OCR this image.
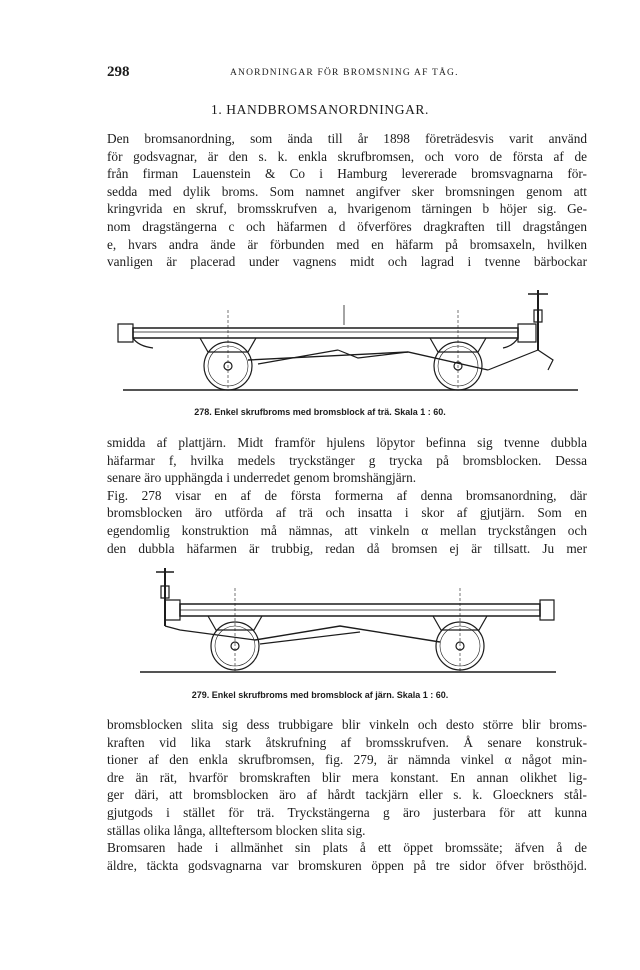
298	ANORDNINGAR FÖR BROMSNING AF TÅG.
1. HANDBROMSANORDNINGAR.
Den bromsanordning, som ända till år 1898 företrädesvis varit använd
för godsvagnar, är den s. k. enkla skrufbromsen, och voro de första af de
från firman Lauenstein & Co i Hamburg levererade bromsvagnarna för-
sedda med dylik broms. Som namnet angifver sker bromsningen genom att
kringvrida en skruf, bromsskrufven a, hvarigenom tärningen b höjer sig. Ge-
nom dragstängerna c och häfarmen d öfverföres dragkraften till dragstången
e, hvars andra ände är förbunden med en häfarm på bromsaxeln, hvilken
vanligen är placerad under vagnens midt och lagrad i tvenne bärbockar
278. Enkel skrufbroms med bromsblock af trä. Skala 1 : 60.
smidda af plattjärn. Midt framför hjulens löpytor befinna sig tvenne dubbla
häfarmar f, hvilka medels tryckstänger g trycka på bromsblocken. Dessa
senare äro upphängda i underredet genom bromshängjärn.
Fig. 278 visar en af de första formerna af denna bromsanordning, där
bromsblocken äro utförda af trä och insatta i skor af gjutjärn. Som en
egendomlig konstruktion må nämnas, att vinkeln α mellan tryckstången och
den dubbla häfarmen är trubbig, redan då bromsen ej är tillsatt. Ju mer
279. Enkel skrufbroms med bromsblock af järn. Skala 1 : 60.
bromsblocken slita sig dess trubbigare blir vinkeln och desto större blir broms-
kraften vid lika stark åtskrufning af bromsskrufven. Å senare konstruk-
tioner af den enkla skrufbromsen, fig. 279, är nämnda vinkel α något min-
dre än rät, hvarför bromskraften blir mera konstant. En annan olikhet lig-
ger däri, att bromsblocken äro af hårdt tackjärn eller s. k. Gloeckners stål-
gjutgods i stället för trä. Tryckstängerna g äro justerbara för att kunna
ställas olika långa, allteftersom blocken slita sig.
Bromsaren hade i allmänhet sin plats å ett öppet bromssäte; äfven å de
äldre, täckta godsvagnarna var bromskuren öppen på tre sidor öfver brösthöjd.
